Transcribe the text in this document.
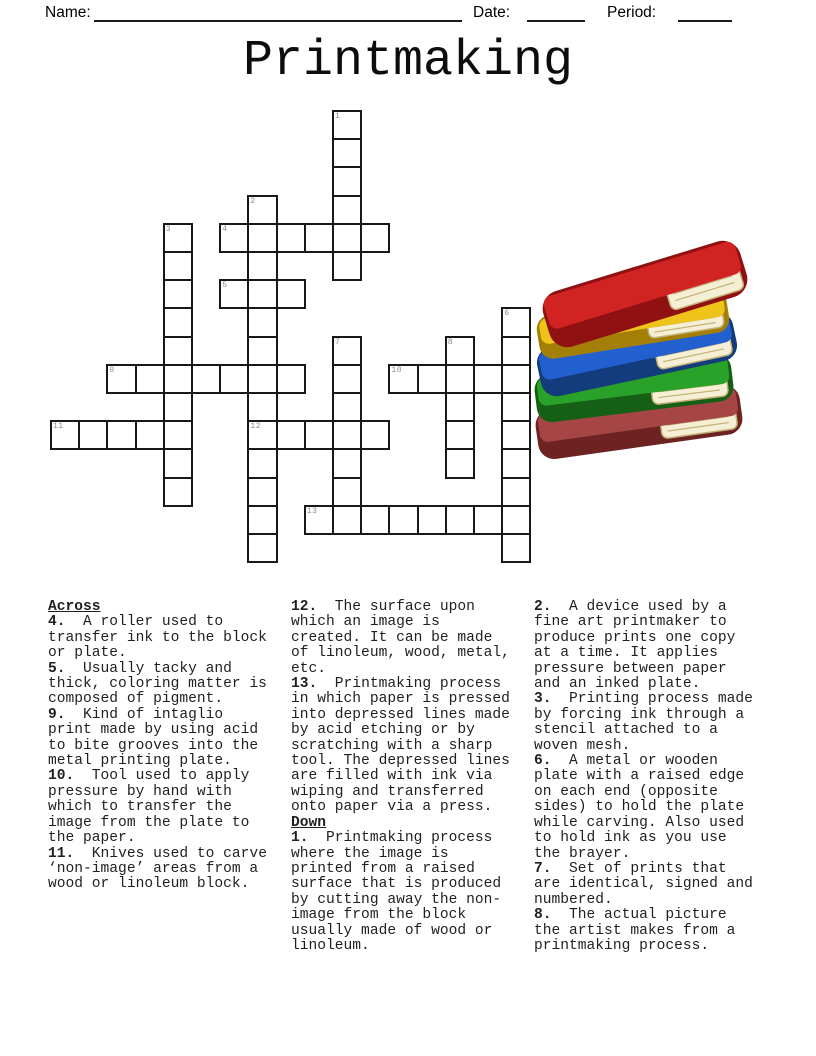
Name:	Date:	Period:
Printmaking
1
2
12
3	4
5
6
7	8
9	10
11
13
Across

4.  A roller used to transfer ink to the block or plate.

5.  Usually tacky and thick, coloring matter is composed of pigment.

9.  Kind of intaglio print made by using acid to bite grooves into the metal printing plate.

10.  Tool used to apply pressure by hand with which to transfer the image from the plate to the paper.

11.  Knives used to carve ‘non-image’ areas from a wood or linoleum block.

12.  The surface upon which an image is created. It can be made of linoleum, wood, metal, etc.

13.  Printmaking process in which paper is pressed into depressed lines made by acid etching or by scratching with a sharp tool. The depressed lines are filled with ink via wiping and transferred onto paper via a press.

Down

1.  Printmaking process where the image is printed from a raised surface that is produced by cutting away the non-image from the block usually made of wood or linoleum.

2.  A device used by a fine art printmaker to produce prints one copy at a time. It applies pressure between paper and an inked plate.

3.  Printing process made by forcing ink through a stencil attached to a woven mesh.

6.  A metal or wooden plate with a raised edge on each end (opposite sides) to hold the plate while carving. Also used to hold ink as you use the brayer.

7.  Set of prints that are identical, signed and numbered.

8.  The actual picture the artist makes from a printmaking process.
